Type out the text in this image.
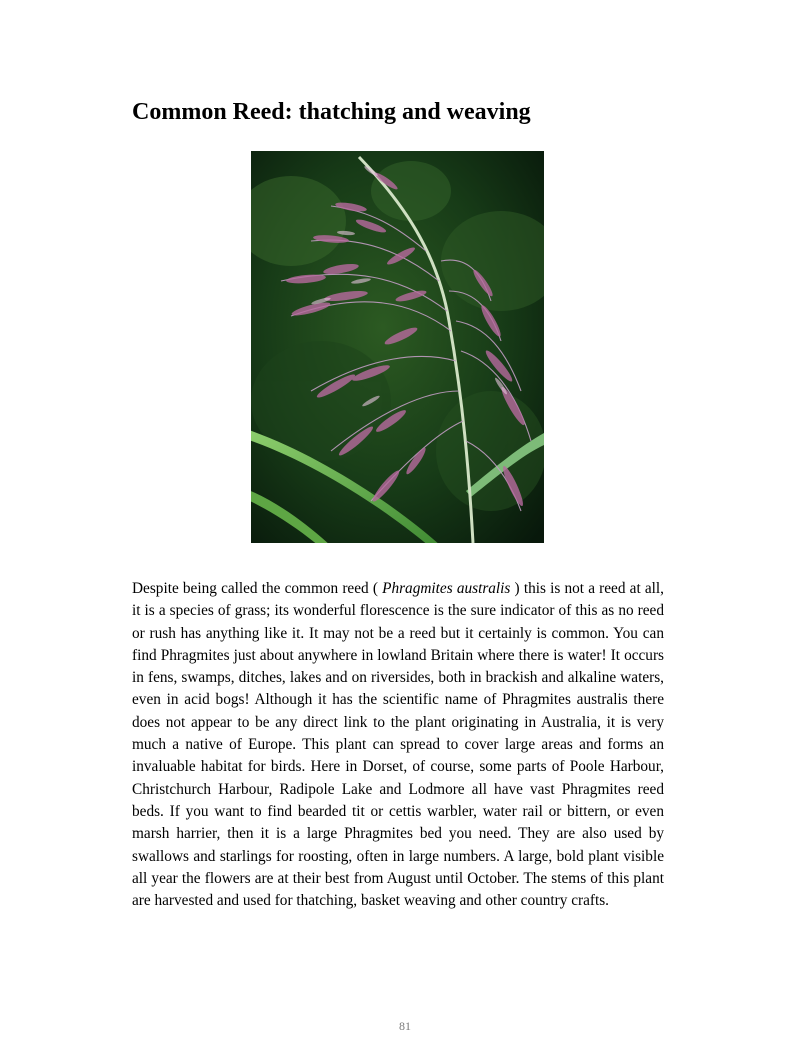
Common Reed: thatching and weaving

Despite being called the common reed ( Phragmites australis ) this is not a reed at all, it is a species of grass; its wonderful florescence is the sure indicator of this as no reed or rush has anything like it. It may not be a reed but it certainly is common. You can find Phragmites just about anywhere in lowland Britain where there is water! It occurs in fens, swamps, ditches, lakes and on riversides, both in brackish and alkaline waters, even in acid bogs! Although it has the scientific name of Phragmites australis there does not appear to be any direct link to the plant originating in Australia, it is very much a native of Europe. This plant can spread to cover large areas and forms an invaluable habitat for birds. Here in Dorset, of course, some parts of Poole Harbour, Christchurch Harbour, Radipole Lake and Lodmore all have vast Phragmites reed beds. If you want to find bearded tit or cettis warbler, water rail or bittern, or even marsh harrier, then it is a large Phragmites bed you need. They are also used by swallows and starlings for roosting, often in large numbers. A large, bold plant visible all year the flowers are at their best from August until October. The stems of this plant are harvested and used for thatching, basket weaving and other country crafts.

81
